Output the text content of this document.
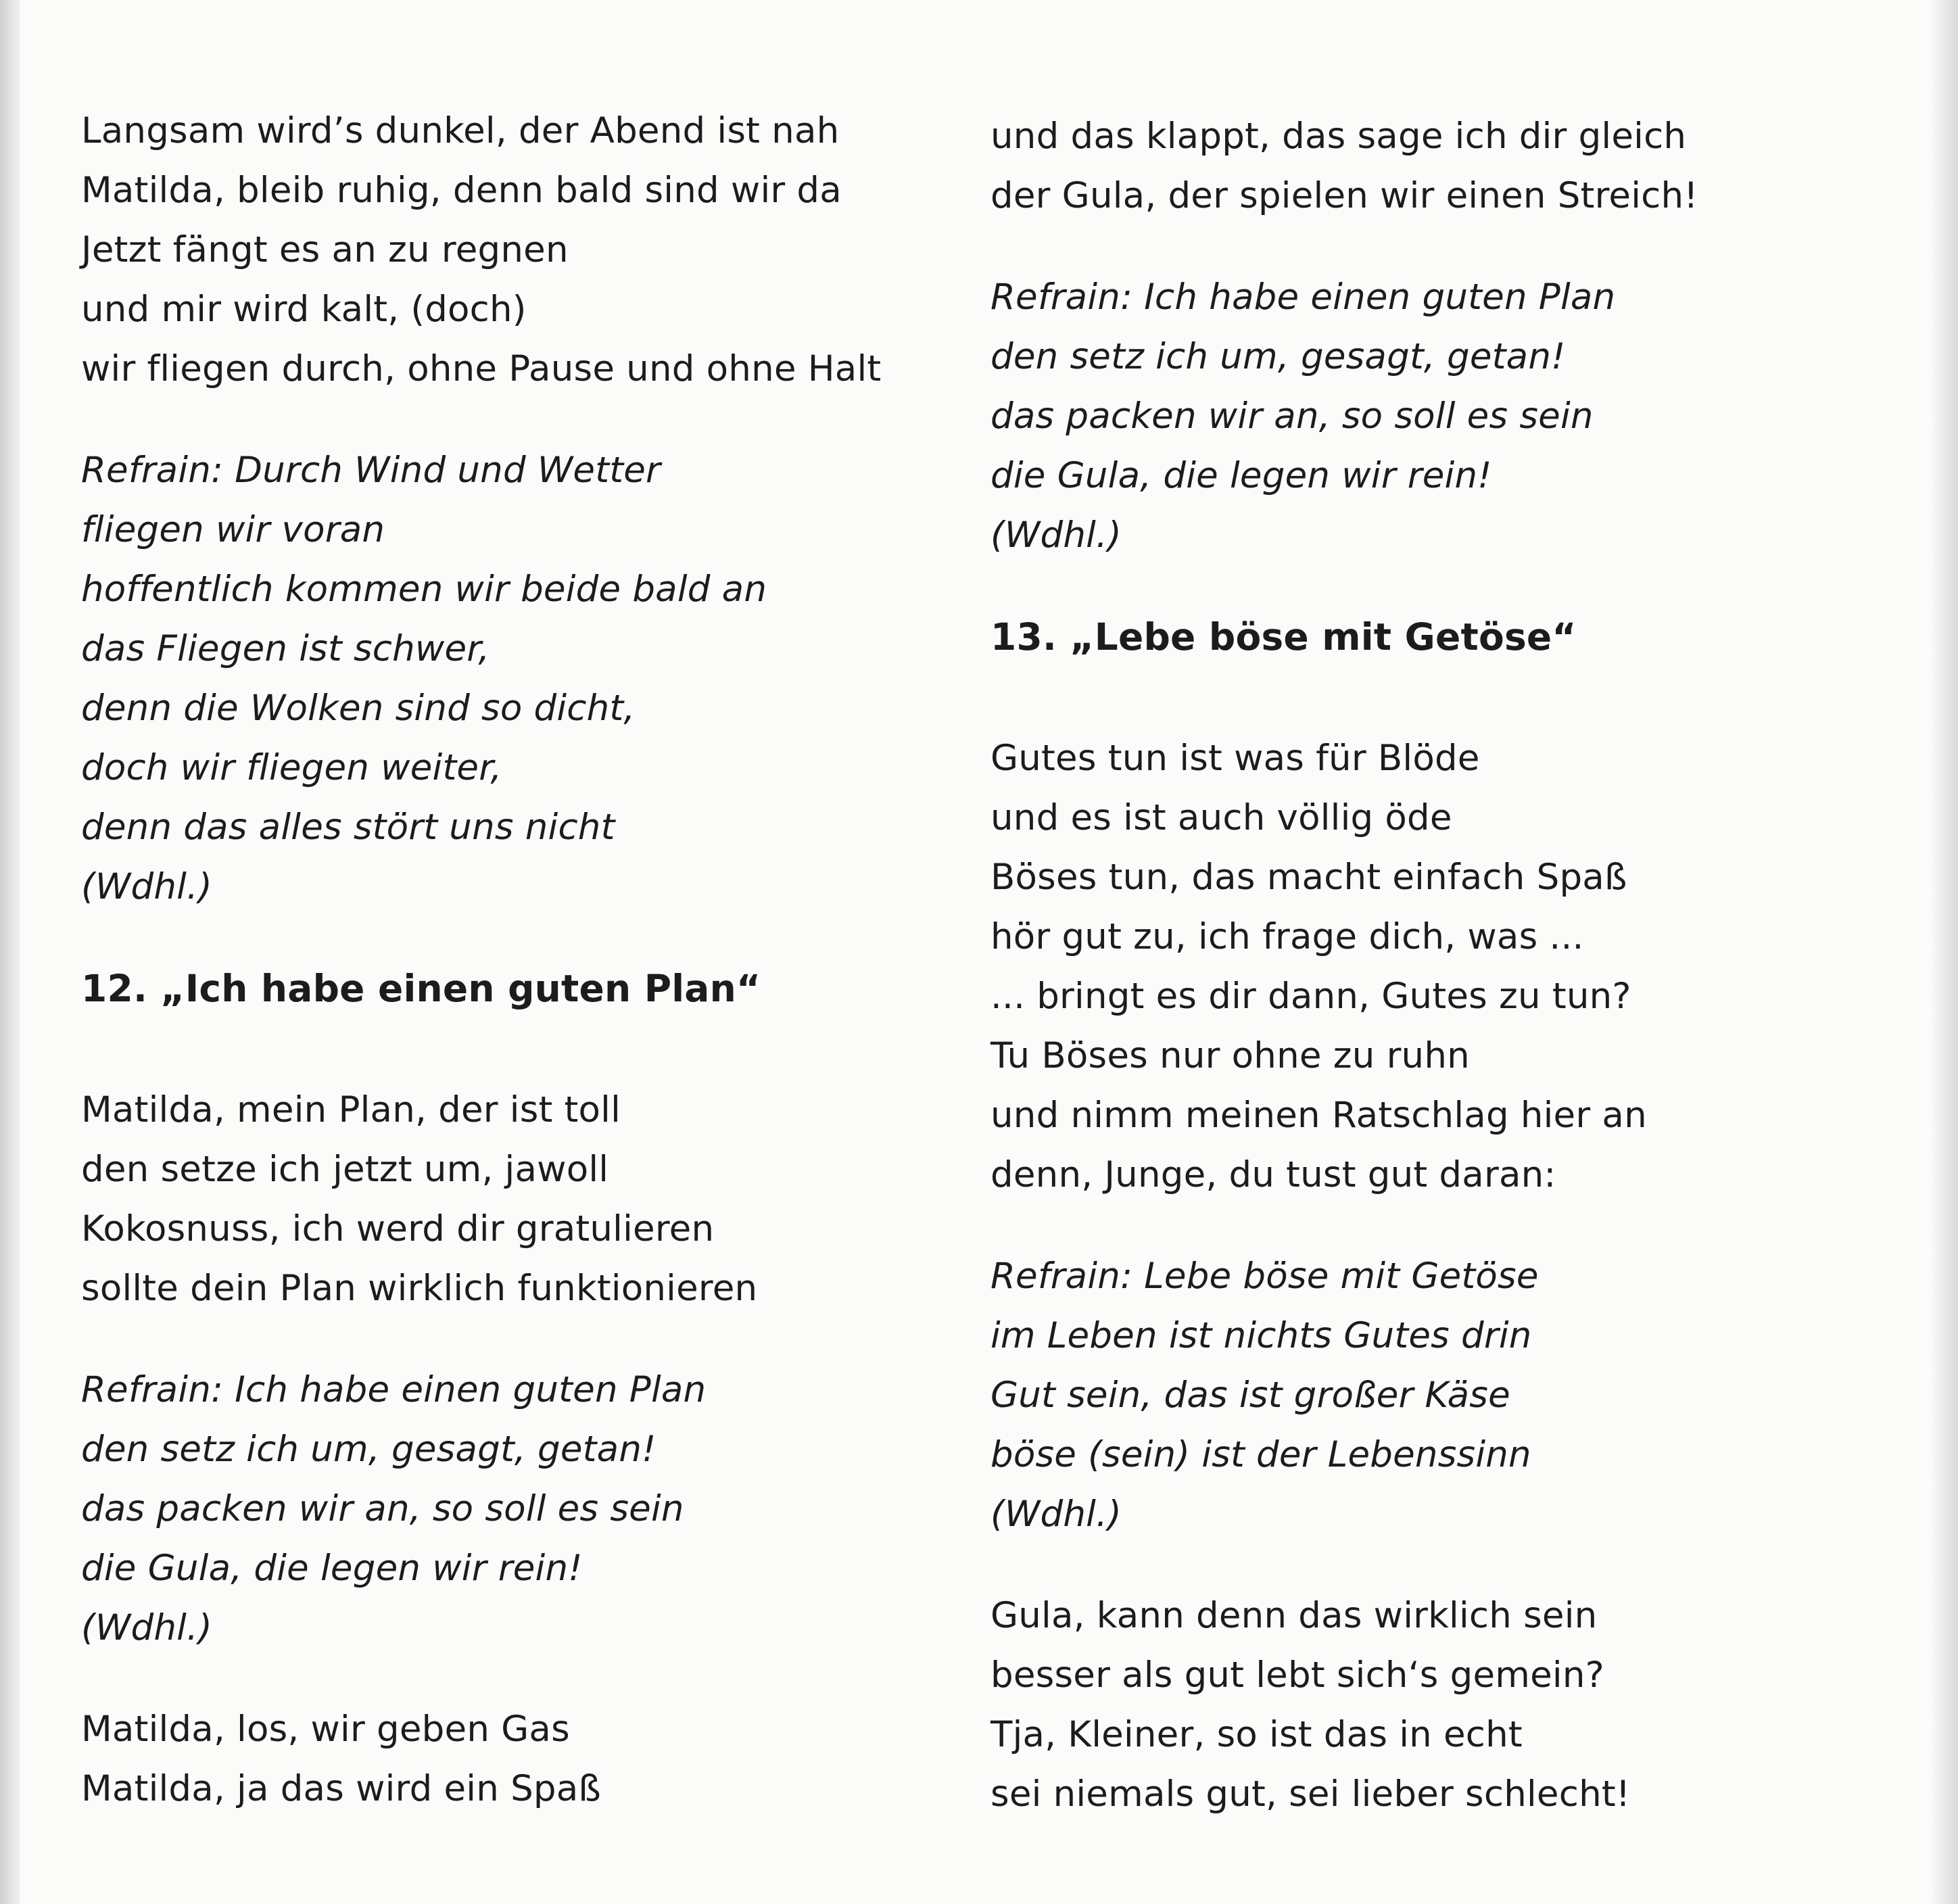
Langsam wird’s dunkel, der Abend ist nah
Matilda, bleib ruhig, denn bald sind wir da
Jetzt fängt es an zu regnen
und mir wird kalt, (doch)
wir fliegen durch, ohne Pause und ohne Halt
Refrain: Durch Wind und Wetter
fliegen wir voran
hoffentlich kommen wir beide bald an
das Fliegen ist schwer,
denn die Wolken sind so dicht,
doch wir fliegen weiter,
denn das alles stört uns nicht
(Wdhl.)
12. „Ich habe einen guten Plan“
Matilda, mein Plan, der ist toll
den setze ich jetzt um, jawoll
Kokosnuss, ich werd dir gratulieren
sollte dein Plan wirklich funktionieren
Refrain: Ich habe einen guten Plan
den setz ich um, gesagt, getan!
das packen wir an, so soll es sein
die Gula, die legen wir rein!
(Wdhl.)
Matilda, los, wir geben Gas
Matilda, ja das wird ein Spaß
und das klappt, das sage ich dir gleich
der Gula, der spielen wir einen Streich!
Refrain: Ich habe einen guten Plan
den setz ich um, gesagt, getan!
das packen wir an, so soll es sein
die Gula, die legen wir rein!
(Wdhl.)
13. „Lebe böse mit Getöse“
Gutes tun ist was für Blöde
und es ist auch völlig öde
Böses tun, das macht einfach Spaß
hör gut zu, ich frage dich, was ...
... bringt es dir dann, Gutes zu tun?
Tu Böses nur ohne zu ruhn
und nimm meinen Ratschlag hier an
denn, Junge, du tust gut daran:
Refrain: Lebe böse mit Getöse
im Leben ist nichts Gutes drin
Gut sein, das ist großer Käse
böse (sein) ist der Lebenssinn
(Wdhl.)
Gula, kann denn das wirklich sein
besser als gut lebt sich‘s gemein?
Tja, Kleiner, so ist das in echt
sei niemals gut, sei lieber schlecht!
